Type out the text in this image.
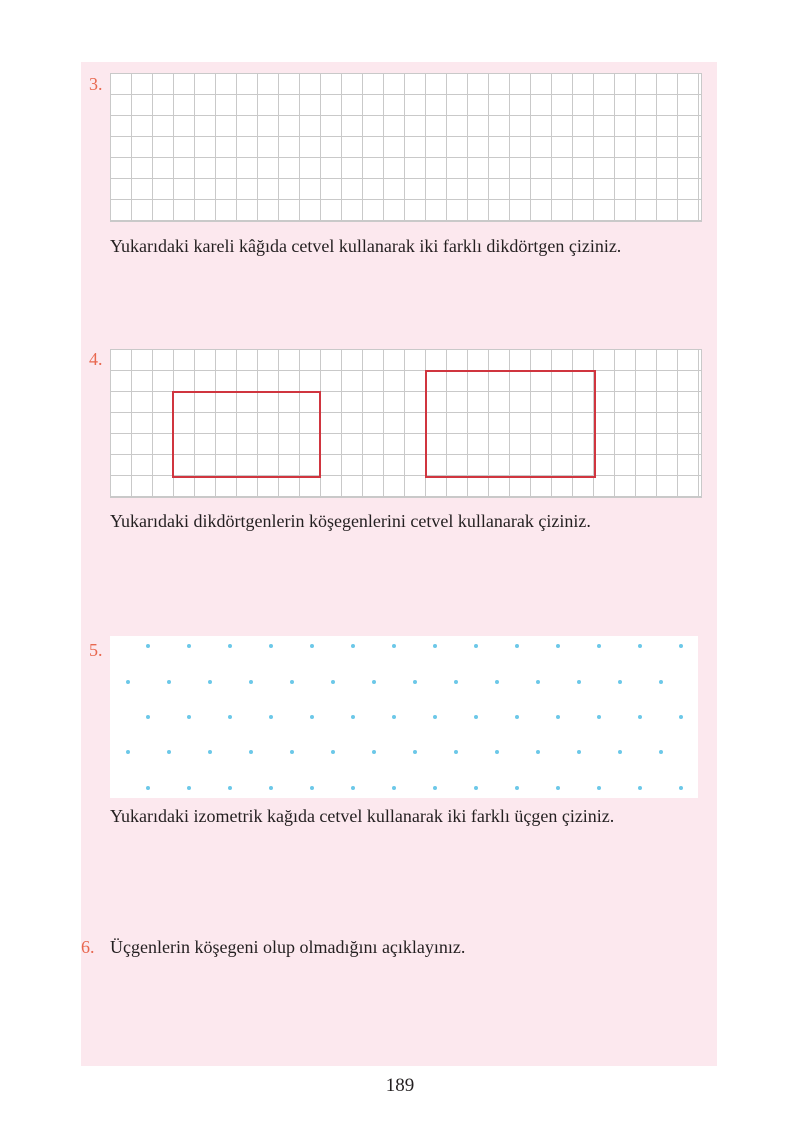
3.
Yukarıdaki kareli kâğıda cetvel kullanarak iki farklı dikdörtgen çiziniz.
4.
Yukarıdaki dikdörtgenlerin köşegenlerini cetvel kullanarak çiziniz.
5.
Yukarıdaki izometrik kağıda cetvel kullanarak iki farklı üçgen çiziniz.
6. Üçgenlerin köşegeni olup olmadığını açıklayınız.
189
